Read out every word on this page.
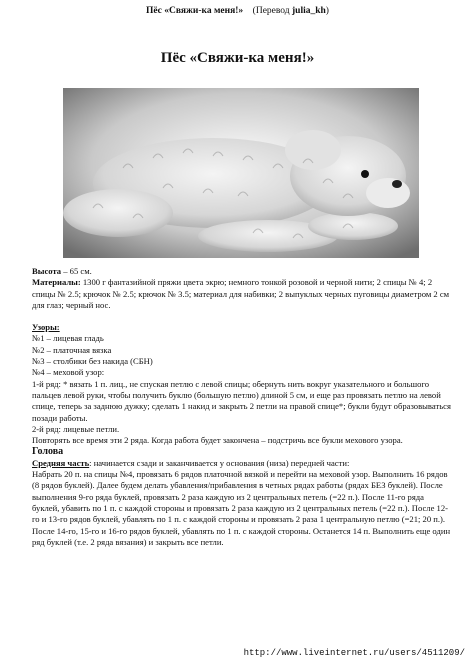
Пёс «Свяжи-ка меня!» (Перевод julia_kh)
Пёс «Свяжи-ка меня!»

Высота – 65 см.

Материалы: 1300 г фантазийной пряжи цвета экрю; немного тонкой розовой и черной нити; 2 спицы № 4; 2 спицы № 2.5; крючок № 2.5; крючок № 3.5; материал для набивки; 2 выпуклых черных пуговицы диаметром 2 см для глаз; черный нос.

Узоры:

№1 – лицевая гладь

№2 – платочная вязка

№3 – столбики без накида (СБН)

№4 – меховой узор:

1-й ряд: * вязать 1 п. лиц., не спуская петлю с левой спицы; обернуть нить вокруг указательного и большого пальцев левой руки, чтобы получить буклю (большую петлю) длиной 5 см, и еще раз провязать петлю на левой спице, теперь за заднюю дужку; сделать 1 накид и закрыть 2 петли на правой спице*; букли будут образовываться позади работы.

2-й ряд: лицевые петли.

Повторять все время эти 2 ряда. Когда работа будет закончена – подстричь все букли мехового узора.

Голова

Средняя часть: начинается сзади и заканчивается у основания (низа) передней части:

Набрать 20 п. на спицы №4, провязать 6 рядов платочной вязкой и перейти на меховой узор. Выполнить 16 рядов (8 рядов буклей). Далее будем делать убавления/прибавления в четных рядах работы (рядах БЕЗ буклей). После выполнения 9-го ряда буклей, провязать 2 раза каждую из 2 центральных петель (=22 п.). После 11-го ряда буклей, убавить по 1 п. с каждой стороны и провязать 2 раза каждую из 2 центральных петель (=22 п.). После 12-го и 13-го рядов буклей, убавлять по 1 п. с каждой стороны и провязать 2 раза 1 центральную петлю (=21; 20 п.). После 14-го, 15-го и 16-го рядов буклей, убавлять по 1 п. с каждой стороны. Останется 14 п. Выполнить еще один ряд буклей (т.е. 2 ряда вязания) и закрыть все петли.

http://www.liveinternet.ru/users/4511209/
